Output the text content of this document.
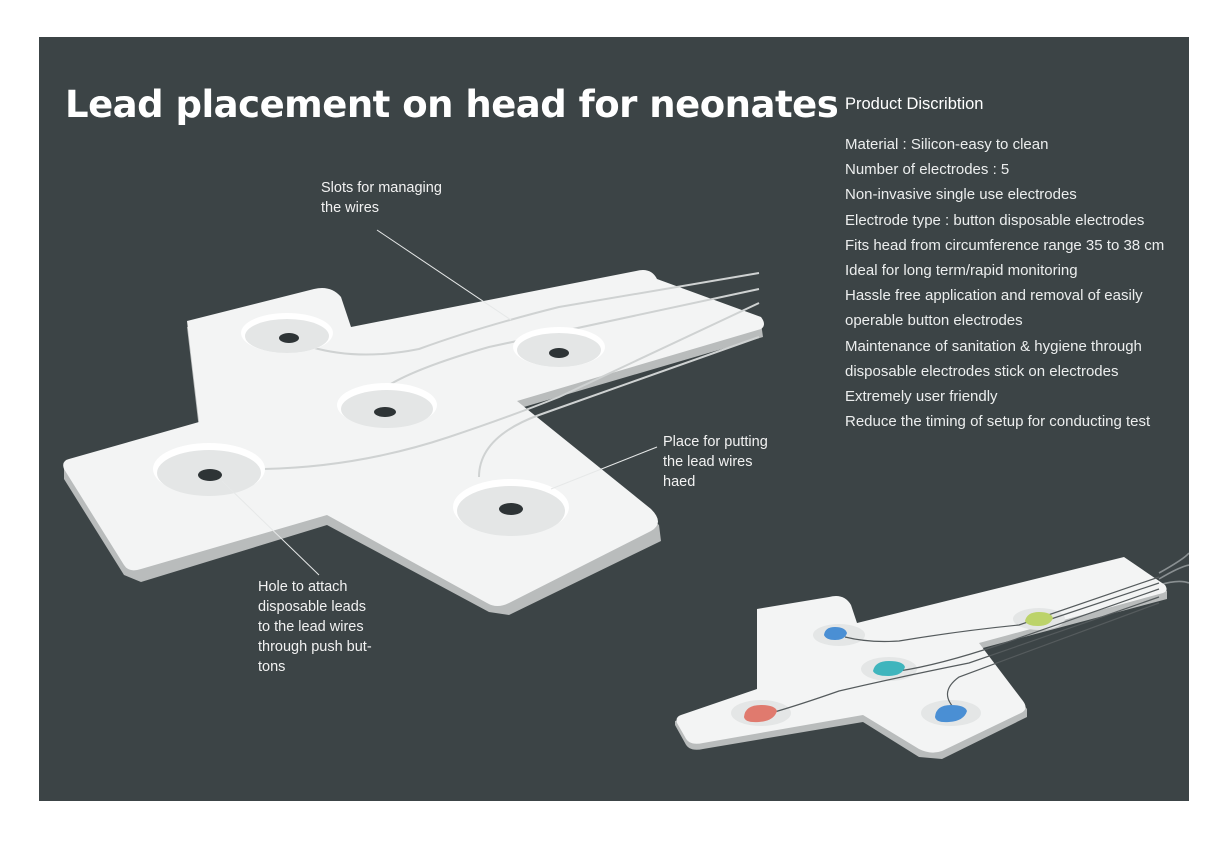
Lead placement on head for neonates Product Discribtion
Material : Silicon-easy to clean
Number of electrodes : 5
Non-invasive single use electrodes
Electrode type : button disposable electrodes
Fits head from circumference range 35 to 38 cm
Ideal for long term/rapid monitoring
Hassle free application and removal of easily
operable button electrodes
Maintenance of sanitation & hygiene through
disposable electrodes stick on electrodes
Extremely user friendly
Reduce the timing of setup for conducting test
Slots for managing
the wires
Place for putting
the lead wires
haed
Hole to attach
disposable leads
to the lead wires
through push but-
tons
